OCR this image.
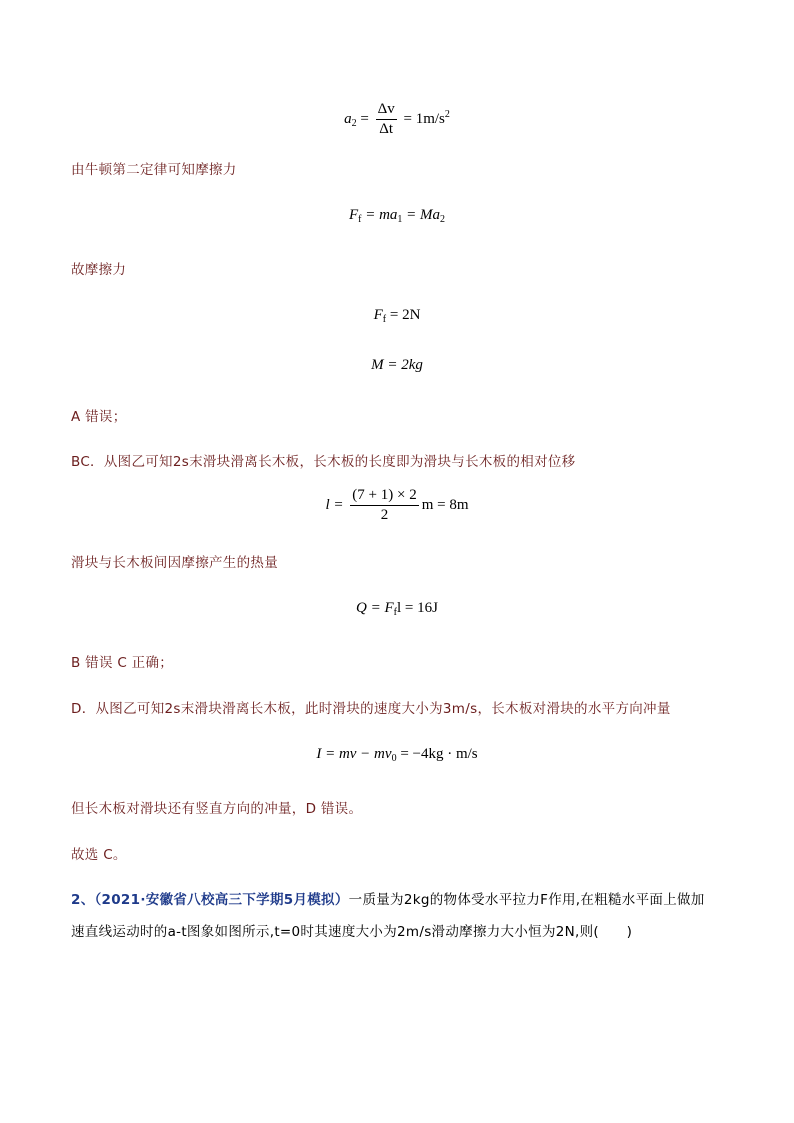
$a_2 = \frac{\Delta v}{\Delta t} = 1m/s^2$
由牛顿第二定律可知摩擦力
$F_f = ma_1 = Ma_2$
故摩擦力
$F_f = 2N$
M = 2kg
A 错误；
BC．从图乙可知2s末滑块滑离长木板，长木板的长度即为滑块与长木板的相对位移
$l = \frac{(7 + 1) \times 2}{2}$ m = 8m
滑块与长木板间因摩擦产生的热量
$Q = F_fl = 16J$
B 错误 C 正确；
D．从图乙可知2s末滑块滑离长木板，此时滑块的速度大小为3m/s，长木板对滑块的水平方向冲量
I = mv − $mv_0 = -4kg \cdot m/s$
但长木板对滑块还有竖直方向的冲量，D 错误。
故选 C。
2、（2021·安徽省八校高三下学期5月模拟）一质量为2kg的物体受水平拉力F作用,在粗糙水平面上做加
速直线运动时的a-t图象如图所示,t=0时其速度大小为2m/s滑动摩擦力大小恒为2N,则(　　)
